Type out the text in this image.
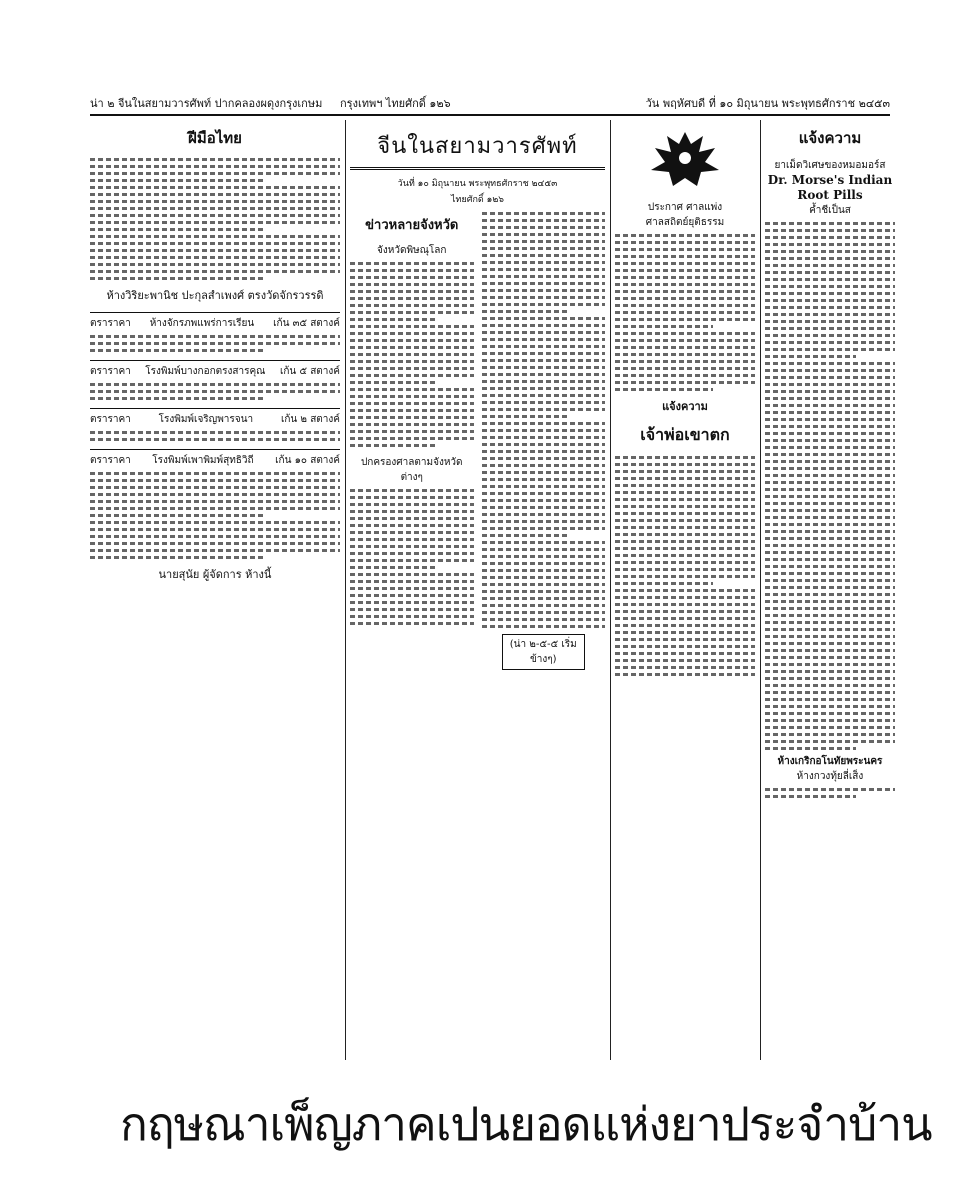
น่า ๒ จีนในสยามวารศัพท์ ปากคลองผดุงกรุงเกษม กรุงเทพฯ ไทยศักดิ์ ๑๒๖	วัน พฤหัศบดี ที่ ๑๐ มิถุนายน พระพุทธศักราช ๒๔๕๓
ฝีมือไทย
ห้างวิริยะพานิช ปะกุลสำเพงศ์ ตรงวัดจักรวรรดิ
ตราราคา ห้างจักรภพแพร่การเรียน เก้น ๓๕ สตางค์
ตราราคา โรงพิมพ์บางกอกตรงสารคุณ เก้น ๕ สตางค์
ตราราคา	โรงพิมพ์เจริญพารจนา	เก้น ๒ สตางค์
ตราราคา โรงพิมพ์เพาพิมพ์สุทธิวิถี เก้น ๑๐ สตางค์
นายสุนัย ผู้จัดการ ห้างนี้
จีนในสยามวารศัพท์
วันที่ ๑๐ มิถุนายน พระพุทธศักราช ๒๔๕๓
ไทยศักดิ์ ๑๒๖
ข่าวหลายจังหวัด
จังหวัดพิษณุโลก
ปกครองศาลตามจังหวัดต่างๆ
(น่า ๒-๕-๕ เริ่มข้างๆ)
ประกาศ ศาลแพ่ง
ศาลสถิตย์ยุติธรรม
แจ้งความ
เจ้าพ่อเขาตก
แจ้งความ
ยาเม็ดวิเศษของหมอมอร์ส
Dr. Morse's Indian
Root Pills
ค้ำชีเป็นส
ห้างเกริกอโนทัยพระนคร
ห้างกวงทุ้ยลี่เส็ง
กฤษณาเพ็ญภาคเปนยอดแห่งยาประจำบ้าน
